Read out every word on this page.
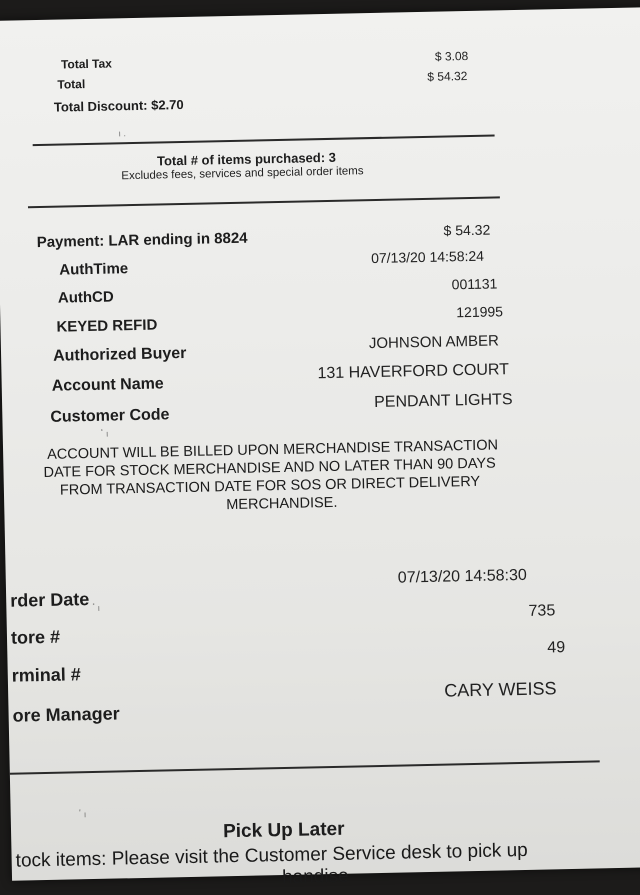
Total Tax
$ 3.08
Total
$ 54.32
Total Discount: $2.70
ı .
Total # of items purchased: 3
Excludes fees, services and special order items
Payment: LAR ending in 8824	$ 54.32
AuthTime
07/13/20 14:58:24
AuthCD
001131
KEYED REFID
121995
Authorized Buyer
JOHNSON AMBER
Account Name
131 HAVERFORD COURT
Customer Code
PENDANT LIGHTS
ٴ ı
ACCOUNT WILL BE BILLED UPON MERCHANDISE TRANSACTION
DATE FOR STOCK MERCHANDISE AND NO LATER THAN 90 DAYS
FROM TRANSACTION DATE FOR SOS OR DIRECT DELIVERY
MERCHANDISE.
rder Date
07/13/20 14:58:30
ٴ ı
tore #
735
rminal #
49
ore Manager
CARY WEISS
ٴ ı
Pick Up Later
tock items: Please visit the Customer Service desk to pick up
handise
